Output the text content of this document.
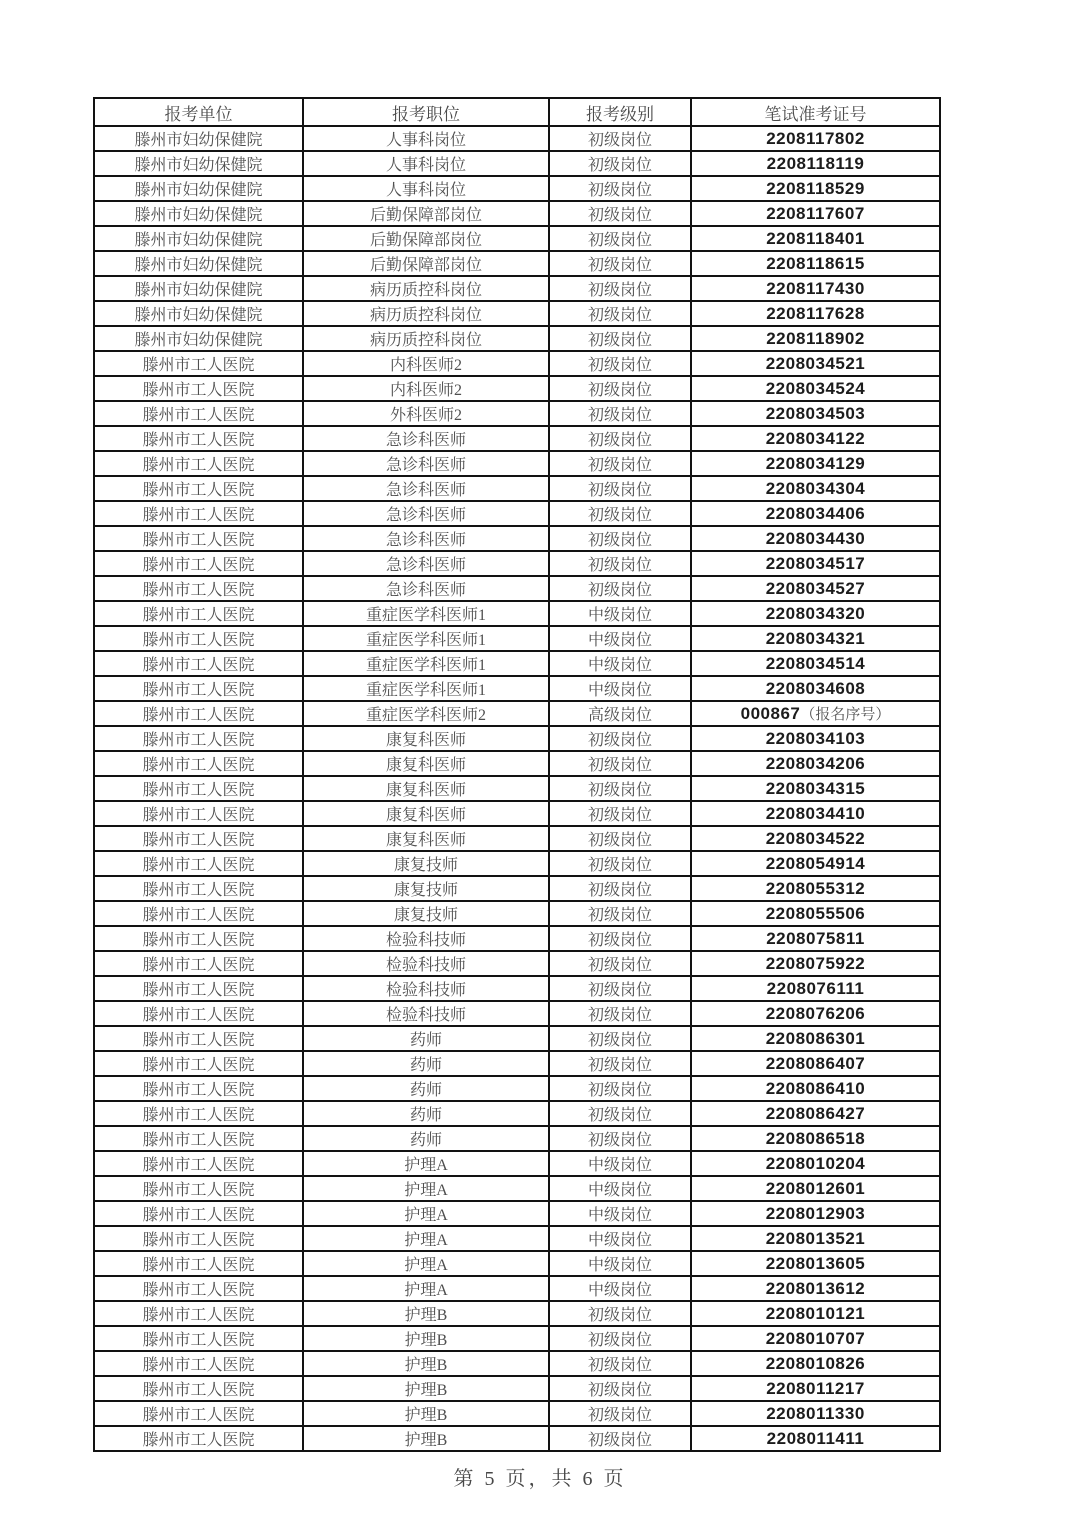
报考单位	报考职位	报考级别	笔试准考证号
滕州市妇幼保健院	人事科岗位	初级岗位	2208117802
滕州市妇幼保健院	人事科岗位	初级岗位	2208118119
滕州市妇幼保健院	人事科岗位	初级岗位	2208118529
滕州市妇幼保健院	后勤保障部岗位	初级岗位	2208117607
滕州市妇幼保健院	后勤保障部岗位	初级岗位	2208118401
滕州市妇幼保健院	后勤保障部岗位	初级岗位	2208118615
滕州市妇幼保健院	病历质控科岗位	初级岗位	2208117430
滕州市妇幼保健院	病历质控科岗位	初级岗位	2208117628
滕州市妇幼保健院	病历质控科岗位	初级岗位	2208118902
滕州市工人医院	内科医师2	初级岗位	2208034521
滕州市工人医院	内科医师2	初级岗位	2208034524
滕州市工人医院	外科医师2	初级岗位	2208034503
滕州市工人医院	急诊科医师	初级岗位	2208034122
滕州市工人医院	急诊科医师	初级岗位	2208034129
滕州市工人医院	急诊科医师	初级岗位	2208034304
滕州市工人医院	急诊科医师	初级岗位	2208034406
滕州市工人医院	急诊科医师	初级岗位	2208034430
滕州市工人医院	急诊科医师	初级岗位	2208034517
滕州市工人医院	急诊科医师	初级岗位	2208034527
滕州市工人医院	重症医学科医师1	中级岗位	2208034320
滕州市工人医院	重症医学科医师1	中级岗位	2208034321
滕州市工人医院	重症医学科医师1	中级岗位	2208034514
滕州市工人医院	重症医学科医师1	中级岗位	2208034608
滕州市工人医院	重症医学科医师2	高级岗位	000867（报名序号）
滕州市工人医院	康复科医师	初级岗位	2208034103
滕州市工人医院	康复科医师	初级岗位	2208034206
滕州市工人医院	康复科医师	初级岗位	2208034315
滕州市工人医院	康复科医师	初级岗位	2208034410
滕州市工人医院	康复科医师	初级岗位	2208034522
滕州市工人医院	康复技师	初级岗位	2208054914
滕州市工人医院	康复技师	初级岗位	2208055312
滕州市工人医院	康复技师	初级岗位	2208055506
滕州市工人医院	检验科技师	初级岗位	2208075811
滕州市工人医院	检验科技师	初级岗位	2208075922
滕州市工人医院	检验科技师	初级岗位	2208076111
滕州市工人医院	检验科技师	初级岗位	2208076206
滕州市工人医院	药师	初级岗位	2208086301
滕州市工人医院	药师	初级岗位	2208086407
滕州市工人医院	药师	初级岗位	2208086410
滕州市工人医院	药师	初级岗位	2208086427
滕州市工人医院	药师	初级岗位	2208086518
滕州市工人医院	护理A	中级岗位	2208010204
滕州市工人医院	护理A	中级岗位	2208012601
滕州市工人医院	护理A	中级岗位	2208012903
滕州市工人医院	护理A	中级岗位	2208013521
滕州市工人医院	护理A	中级岗位	2208013605
滕州市工人医院	护理A	中级岗位	2208013612
滕州市工人医院	护理B	初级岗位	2208010121
滕州市工人医院	护理B	初级岗位	2208010707
滕州市工人医院	护理B	初级岗位	2208010826
滕州市工人医院	护理B	初级岗位	2208011217
滕州市工人医院	护理B	初级岗位	2208011330
滕州市工人医院	护理B	初级岗位	2208011411
第 5 页，共 6 页
